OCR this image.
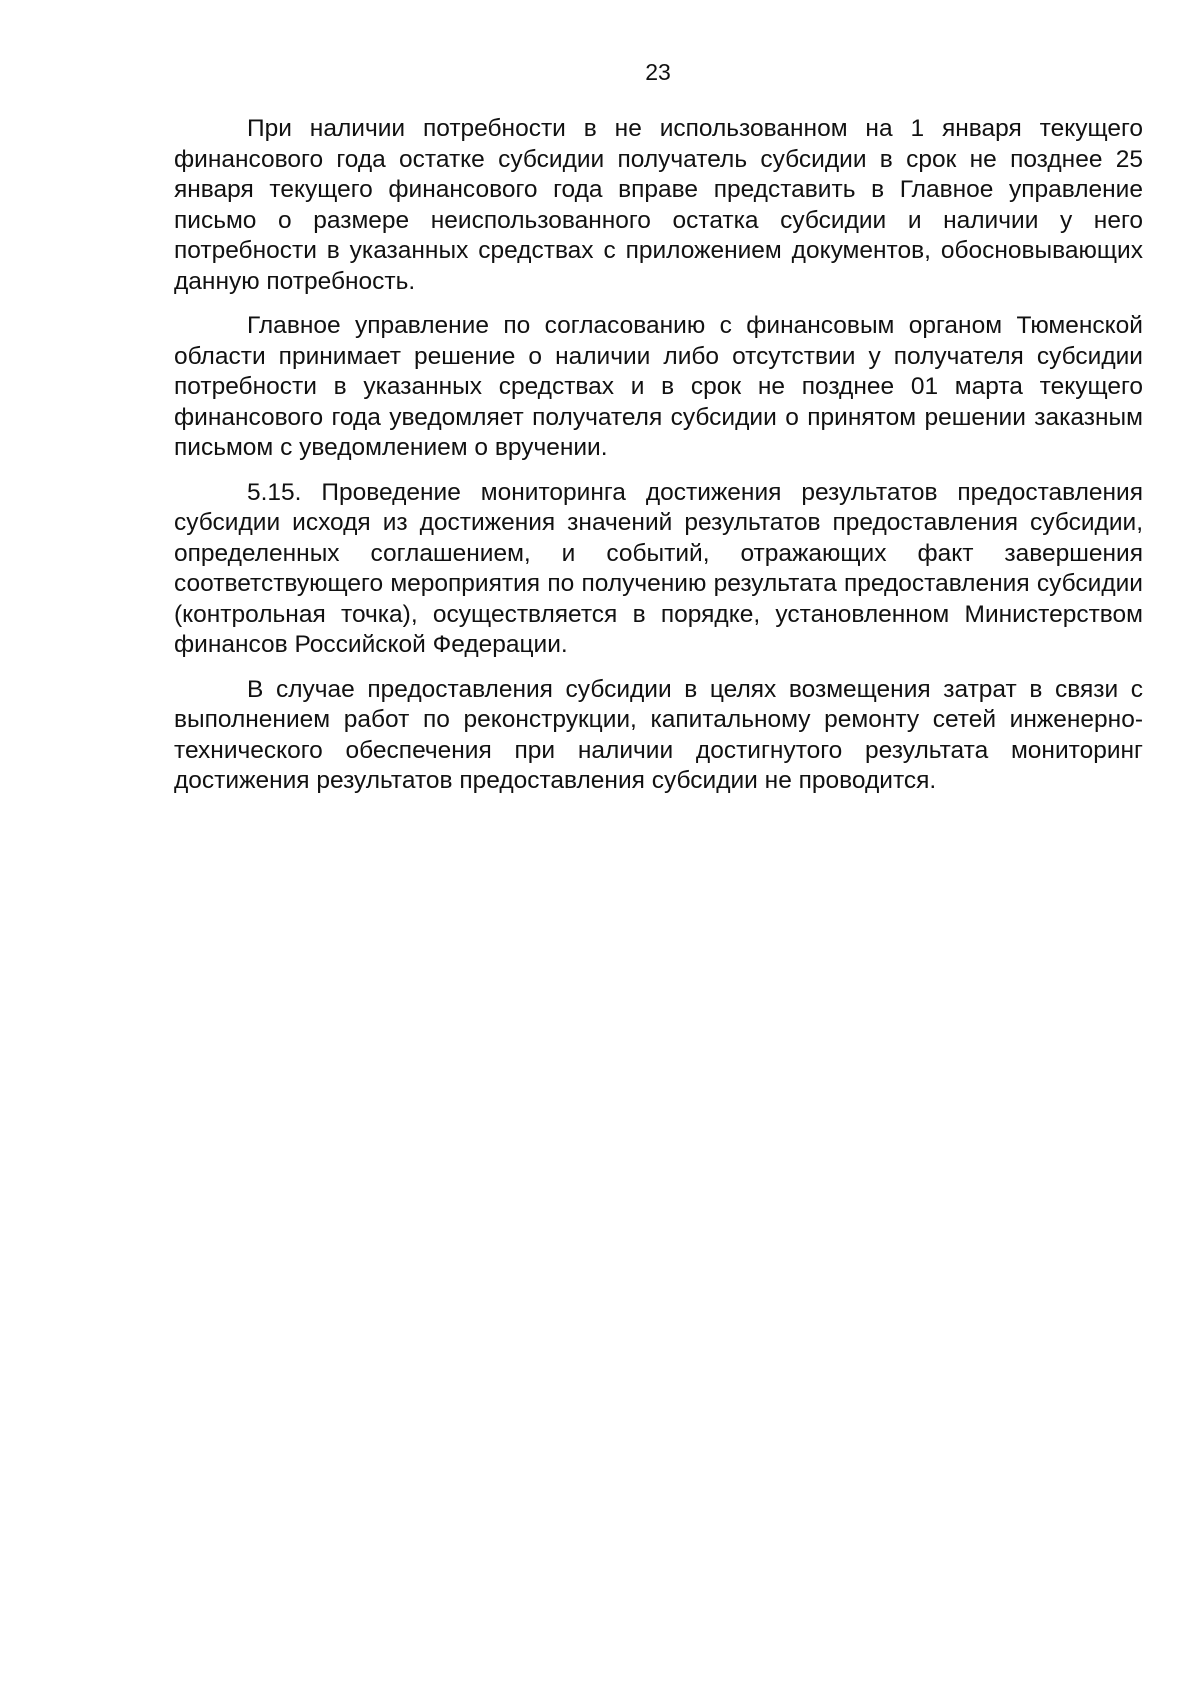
23

При наличии потребности в не использованном на 1 января текущего финансового года остатке субсидии получатель субсидии в срок не позднее 25 января текущего финансового года вправе представить в Главное управление письмо о размере неиспользованного остатка субсидии и наличии у него потребности в указанных средствах с приложением документов, обосновывающих данную потребность.

Главное управление по согласованию с финансовым органом Тюменской области принимает решение о наличии либо отсутствии у получателя субсидии потребности в указанных средствах и в срок не позднее 01 марта текущего финансового года уведомляет получателя субсидии о принятом решении заказным письмом с уведомлением о вручении.

5.15. Проведение мониторинга достижения результатов предоставления субсидии исходя из достижения значений результатов предоставления субсидии, определенных соглашением, и событий, отражающих факт завершения соответствующего мероприятия по получению результата предоставления субсидии (контрольная точка), осуществляется в порядке, установленном Министерством финансов Российской Федерации.

В случае предоставления субсидии в целях возмещения затрат в связи с выполнением работ по реконструкции, капитальному ремонту сетей инженерно-технического обеспечения при наличии достигнутого результата мониторинг достижения результатов предоставления субсидии не проводится.
